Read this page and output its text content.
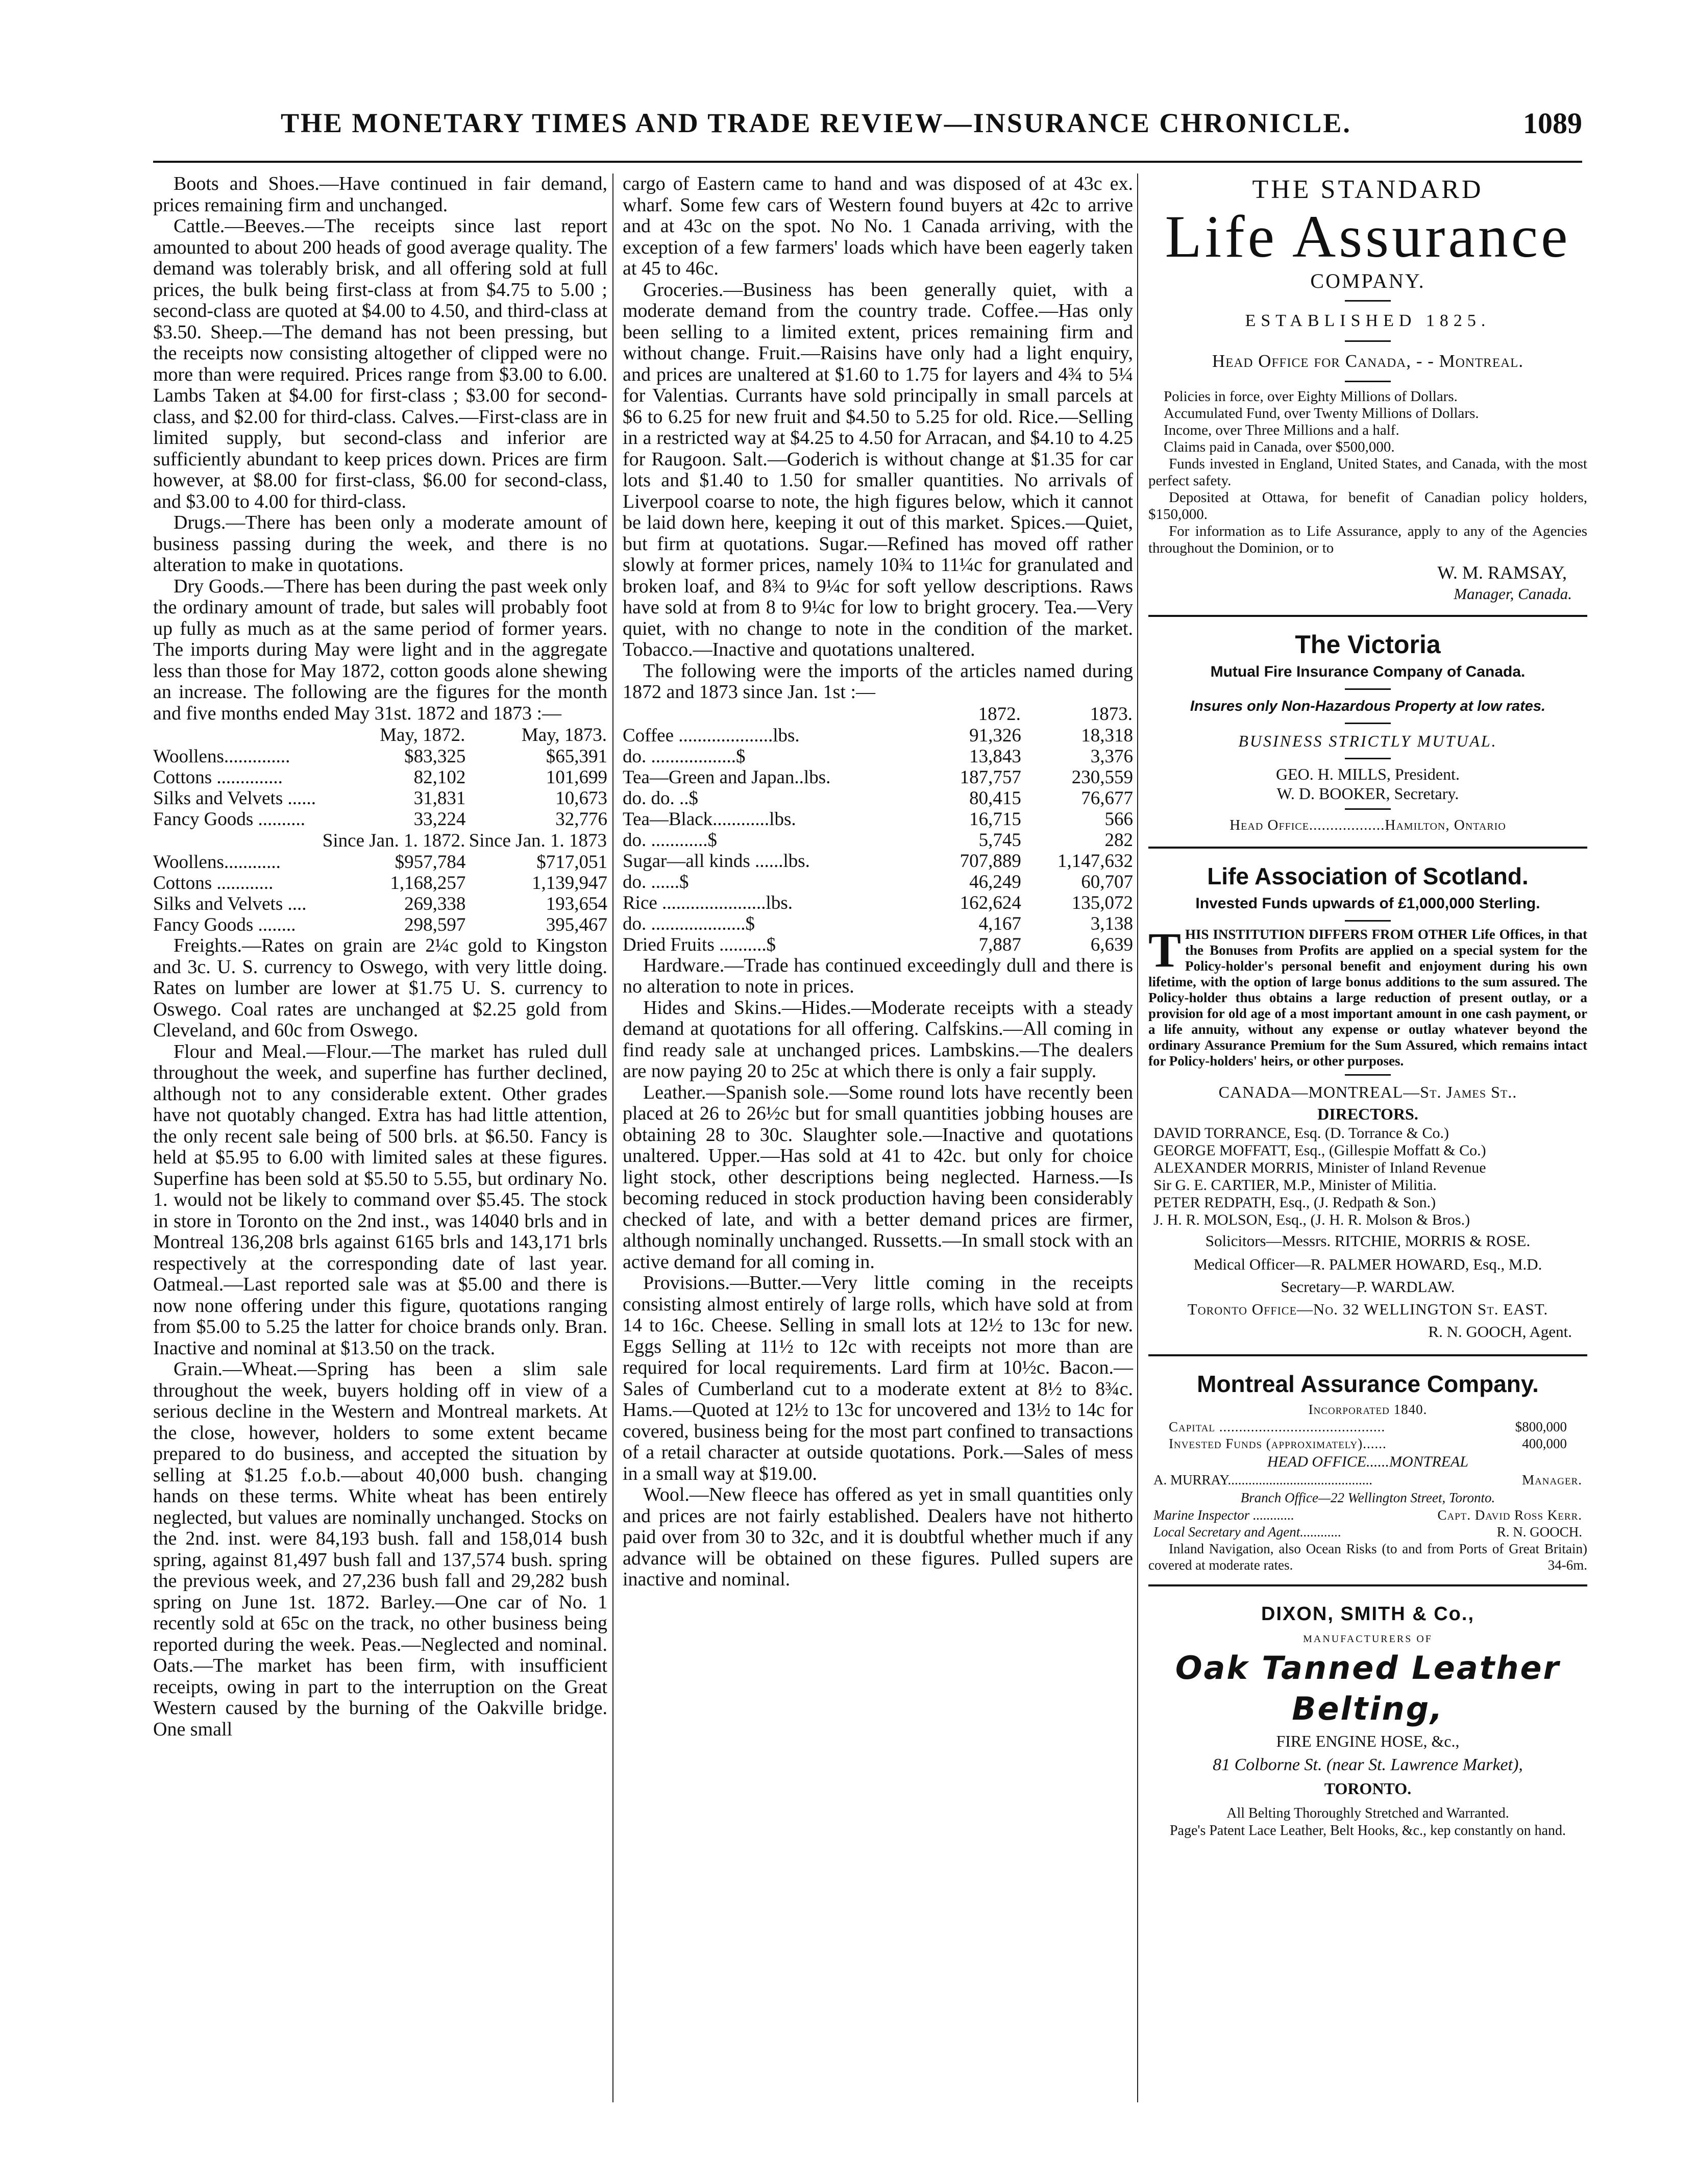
THE MONETARY TIMES AND TRADE REVIEW—INSURANCE CHRONICLE.	1089

Boots and Shoes.—Have continued in fair demand, prices remaining firm and unchanged.

Cattle.—Beeves.—The receipts since last report amounted to about 200 heads of good average quality. The demand was tolerably brisk, and all offering sold at full prices, the bulk being first-class at from $4.75 to 5.00 ; second-class are quoted at $4.00 to 4.50, and third-class at $3.50. Sheep.—The demand has not been pressing, but the receipts now consisting altogether of clipped were no more than were required. Prices range from $3.00 to 6.00. Lambs Taken at $4.00 for first-class ; $3.00 for second-class, and $2.00 for third-class. Calves.—First-class are in limited supply, but second-class and inferior are sufficiently abundant to keep prices down. Prices are firm however, at $8.00 for first-class, $6.00 for second-class, and $3.00 to 4.00 for third-class.

Drugs.—There has been only a moderate amount of business passing during the week, and there is no alteration to make in quotations.

Dry Goods.—There has been during the past week only the ordinary amount of trade, but sales will probably foot up fully as much as at the same period of former years. The imports during May were light and in the aggregate less than those for May 1872, cotton goods alone shewing an increase. The following are the figures for the month and five months ended May 31st. 1872 and 1873 :—

	May, 1872.	May, 1873.
Woollens..............	$83,325	$65,391
Cottons ..............	82,102	101,699
Silks and Velvets ......	31,831	10,673
Fancy Goods ..........	33,224	32,776
	Since Jan. 1. 1872.	Since Jan. 1. 1873
Woollens............	$957,784	$717,051
Cottons ............	1,168,257	1,139,947
Silks and Velvets ....	269,338	193,654
Fancy Goods ........	298,597	395,467

Freights.—Rates on grain are 2¼c gold to Kingston and 3c. U. S. currency to Oswego, with very little doing. Rates on lumber are lower at $1.75 U. S. currency to Oswego. Coal rates are unchanged at $2.25 gold from Cleveland, and 60c from Oswego.

Flour and Meal.—Flour.—The market has ruled dull throughout the week, and superfine has further declined, although not to any considerable extent. Other grades have not quotably changed. Extra has had little attention, the only recent sale being of 500 brls. at $6.50. Fancy is held at $5.95 to 6.00 with limited sales at these figures. Superfine has been sold at $5.50 to 5.55, but ordinary No. 1. would not be likely to command over $5.45. The stock in store in Toronto on the 2nd inst., was 14040 brls and in Montreal 136,208 brls against 6165 brls and 143,171 brls respectively at the corresponding date of last year. Oatmeal.—Last reported sale was at $5.00 and there is now none offering under this figure, quotations ranging from $5.00 to 5.25 the latter for choice brands only. Bran. Inactive and nominal at $13.50 on the track.

Grain.—Wheat.—Spring has been a slim sale throughout the week, buyers holding off in view of a serious decline in the Western and Montreal markets. At the close, however, holders to some extent became prepared to do business, and accepted the situation by selling at $1.25 f.o.b.—about 40,000 bush. changing hands on these terms. White wheat has been entirely neglected, but values are nominally unchanged. Stocks on the 2nd. inst. were 84,193 bush. fall and 158,014 bush spring, against 81,497 bush fall and 137,574 bush. spring the previous week, and 27,236 bush fall and 29,282 bush spring on June 1st. 1872. Barley.—One car of No. 1 recently sold at 65c on the track, no other business being reported during the week. Peas.—Neglected and nominal. Oats.—The market has been firm, with insufficient receipts, owing in part to the interruption on the Great Western caused by the burning of the Oakville bridge. One small

cargo of Eastern came to hand and was disposed of at 43c ex. wharf. Some few cars of Western found buyers at 42c to arrive and at 43c on the spot. No No. 1 Canada arriving, with the exception of a few farmers' loads which have been eagerly taken at 45 to 46c.

Groceries.—Business has been generally quiet, with a moderate demand from the country trade. Coffee.—Has only been selling to a limited extent, prices remaining firm and without change. Fruit.—Raisins have only had a light enquiry, and prices are unaltered at $1.60 to 1.75 for layers and 4¾ to 5¼ for Valentias. Currants have sold principally in small parcels at $6 to 6.25 for new fruit and $4.50 to 5.25 for old. Rice.—Selling in a restricted way at $4.25 to 4.50 for Arracan, and $4.10 to 4.25 for Raugoon. Salt.—Goderich is without change at $1.35 for car lots and $1.40 to 1.50 for smaller quantities. No arrivals of Liverpool coarse to note, the high figures below, which it cannot be laid down here, keeping it out of this market. Spices.—Quiet, but firm at quotations. Sugar.—Refined has moved off rather slowly at former prices, namely 10¾ to 11¼c for granulated and broken loaf, and 8¾ to 9¼c for soft yellow descriptions. Raws have sold at from 8 to 9¼c for low to bright grocery. Tea.—Very quiet, with no change to note in the condition of the market. Tobacco.—Inactive and quotations unaltered.

The following were the imports of the articles named during 1872 and 1873 since Jan. 1st :—

	1872.	1873.
Coffee ....................lbs.	91,326	18,318
do. ..................$	13,843	3,376
Tea—Green and Japan..lbs.	187,757	230,559
do. do. ..$	80,415	76,677
Tea—Black............lbs.	16,715	566
do. ............$	5,745	282
Sugar—all kinds ......lbs.	707,889	1,147,632
do. ......$	46,249	60,707
Rice ......................lbs.	162,624	135,072
do. ....................$	4,167	3,138
Dried Fruits ..........$	7,887	6,639

Hardware.—Trade has continued exceedingly dull and there is no alteration to note in prices.

Hides and Skins.—Hides.—Moderate receipts with a steady demand at quotations for all offering. Calfskins.—All coming in find ready sale at unchanged prices. Lambskins.—The dealers are now paying 20 to 25c at which there is only a fair supply.

Leather.—Spanish sole.—Some round lots have recently been placed at 26 to 26½c but for small quantities jobbing houses are obtaining 28 to 30c. Slaughter sole.—Inactive and quotations unaltered. Upper.—Has sold at 41 to 42c. but only for choice light stock, other descriptions being neglected. Harness.—Is becoming reduced in stock production having been considerably checked of late, and with a better demand prices are firmer, although nominally unchanged. Russetts.—In small stock with an active demand for all coming in.

Provisions.—Butter.—Very little coming in the receipts consisting almost entirely of large rolls, which have sold at from 14 to 16c. Cheese. Selling in small lots at 12½ to 13c for new. Eggs Selling at 11½ to 12c with receipts not more than are required for local requirements. Lard firm at 10½c. Bacon.—Sales of Cumberland cut to a moderate extent at 8½ to 8¾c. Hams.—Quoted at 12½ to 13c for uncovered and 13½ to 14c for covered, business being for the most part confined to transactions of a retail character at outside quotations. Pork.—Sales of mess in a small way at $19.00.

Wool.—New fleece has offered as yet in small quantities only and prices are not fairly established. Dealers have not hitherto paid over from 30 to 32c, and it is doubtful whether much if any advance will be obtained on these figures. Pulled supers are inactive and nominal.

THE STANDARD
Life Assurance
COMPANY.
ESTABLISHED 1825.
Head Office for Canada, - - Montreal.
Policies in force, over Eighty Millions of Dollars.
Accumulated Fund, over Twenty Millions of Dollars.
Income, over Three Millions and a half.
Claims paid in Canada, over $500,000.

Funds invested in England, United States, and Canada, with the most perfect safety.

Deposited at Ottawa, for benefit of Canadian policy holders, $150,000.

For information as to Life Assurance, apply to any of the Agencies throughout the Dominion, or to

W. M. RAMSAY,
Manager, Canada.
The Victoria
Mutual Fire Insurance Company of Canada.
Insures only Non-Hazardous Property at low rates.
BUSINESS STRICTLY MUTUAL.
GEO. H. MILLS, President.
W. D. BOOKER, Secretary.
Head Office..................Hamilton, Ontario
Life Association of Scotland.
Invested Funds upwards of £1,000,000 Sterling.
T HIS INSTITUTION DIFFERS FROM OTHER Life Offices, in that the Bonuses from Profits are applied on a special system for the Policy-holder's personal benefit and enjoyment during his own lifetime, with the option of large bonus additions to the sum assured. The Policy-holder thus obtains a large reduction of present outlay, or a provision for old age of a most important amount in one cash payment, or a life annuity, without any expense or outlay whatever beyond the ordinary Assurance Premium for the Sum Assured, which remains intact for Policy-holders' heirs, or other purposes.
CANADA—MONTREAL—St. James St..
DIRECTORS.
DAVID TORRANCE, Esq. (D. Torrance & Co.)
GEORGE MOFFATT, Esq., (Gillespie Moffatt & Co.)
ALEXANDER MORRIS, Minister of Inland Revenue
Sir G. E. CARTIER, M.P., Minister of Militia.
PETER REDPATH, Esq., (J. Redpath & Son.)
J. H. R. MOLSON, Esq., (J. H. R. Molson & Bros.)
Solicitors—Messrs. RITCHIE, MORRIS & ROSE.
Medical Officer—R. PALMER HOWARD, Esq., M.D.
Secretary—P. WARDLAW.
Toronto Office—No. 32 WELLINGTON St. EAST.
R. N. GOOCH, Agent.
Montreal Assurance Company.
Incorporated 1840.
Capital ..........................................	$800,000
Invested Funds (approximately)......	400,000
HEAD OFFICE......MONTREAL
A. MURRAY..........................................	Manager.
Branch Office—22 Wellington Street, Toronto.
Marine Inspector ............	Capt. David Ross Kerr.
Local Secretary and Agent............	R. N. GOOCH.
Inland Navigation, also Ocean Risks (to and from Ports of Great Britain) covered at moderate rates.	34-6m.
DIXON, SMITH & Co.,
MANUFACTURERS OF
Oak Tanned Leather Belting,
FIRE ENGINE HOSE, &c.,
81 Colborne St. (near St. Lawrence Market),
TORONTO.
All Belting Thoroughly Stretched and Warranted.
Page's Patent Lace Leather, Belt Hooks, &c., kep constantly on hand.
